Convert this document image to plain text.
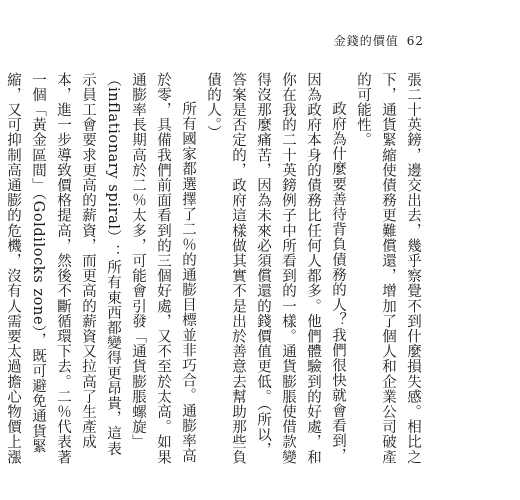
金錢的價值 62

張二十英鎊，邊交出去，幾乎察覺不到什麼損失感。相比之下，通貨緊縮使債務更難償還，增加了個人和企業公司破產的可能性。

政府為什麼要善待背負債務的人？我們很快就會看到，因為政府本身的債務比任何人都多。他們體驗到的好處，和你在我的二十英鎊例子中所看到的一樣。通貨膨脹使借款變得沒那麼痛苦，因為未來必須償還的錢價值更低。（所以，答案是否定的，政府這樣做其實不是出於善意去幫助那些負債的人。）

所有國家都選擇了二％的通膨目標並非巧合。通膨率高於零，具備我們前面看到的三個好處，又不至於太高。如果通膨率長期高於二％太多，可能會引發「通貨膨脹螺旋」（inflationary spiral）：所有東西都變得更昂貴，這表示員工會要求更高的薪資，而更高的薪資又拉高了生產成本，進一步導致價格提高，然後不斷循環下去。二％代表著一個「黃金區間」（Goldilocks zone），既可避免通貨緊縮，又可抑制高通膨的危機，沒有人需要太過擔心物價上漲
